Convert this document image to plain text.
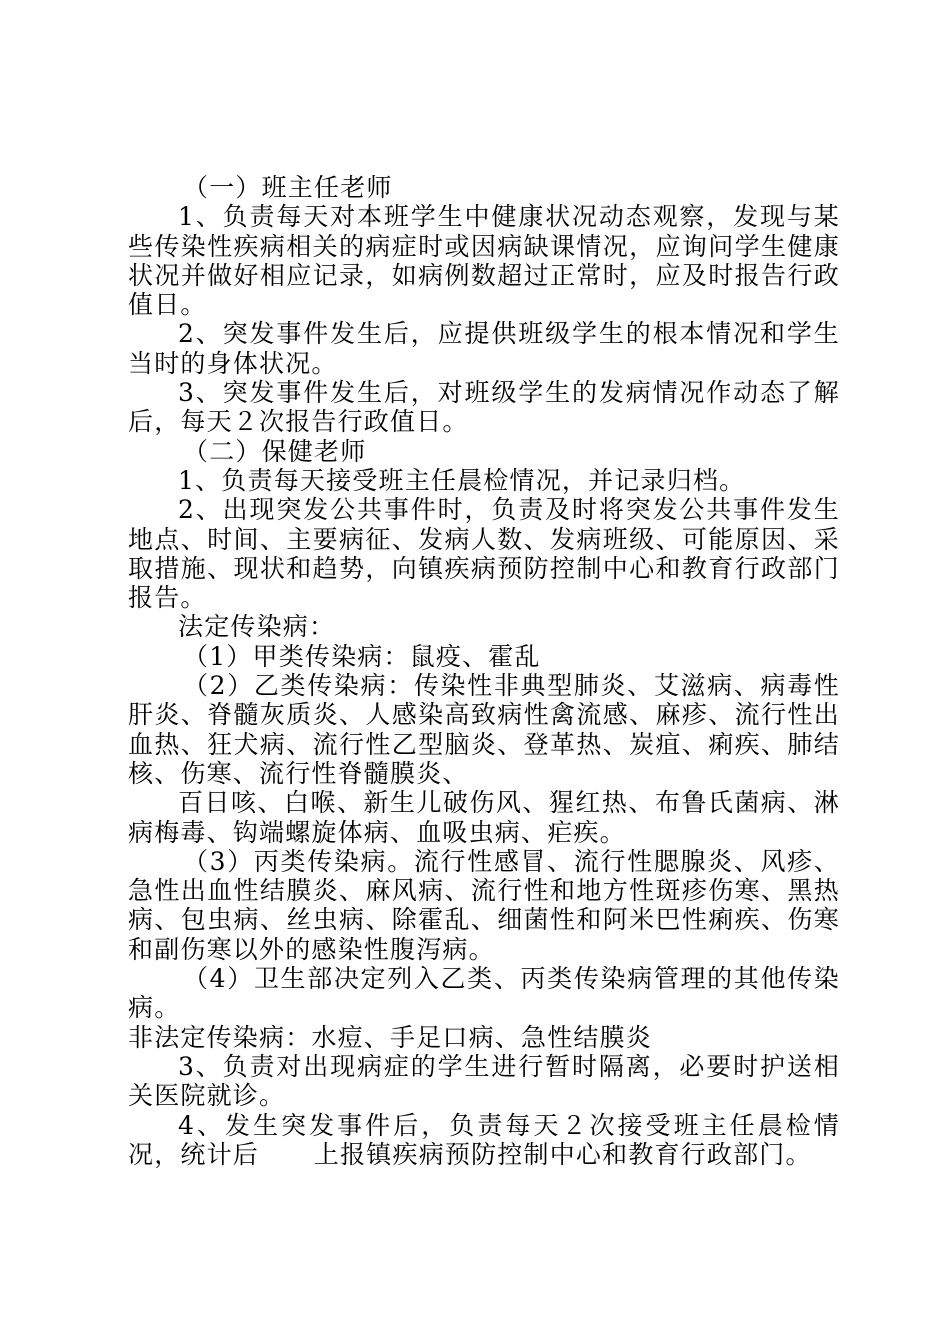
（一）班主任老师

1、负责每天对本班学生中健康状况动态观察，发现与某些传染性疾病相关的病症时或因病缺课情况，应询问学生健康状况并做好相应记录，如病例数超过正常时，应及时报告行政值日。

2、突发事件发生后，应提供班级学生的根本情况和学生当时的身体状况。

3、突发事件发生后，对班级学生的发病情况作动态了解后，每天２次报告行政值日。

（二）保健老师

1、负责每天接受班主任晨检情况，并记录归档。

2、出现突发公共事件时，负责及时将突发公共事件发生地点、时间、主要病征、发病人数、发病班级、可能原因、采取措施、现状和趋势，向镇疾病预防控制中心和教育行政部门报告。

法定传染病：

（1）甲类传染病：鼠疫、霍乱

（2）乙类传染病：传染性非典型肺炎、艾滋病、病毒性肝炎、脊髓灰质炎、人感染高致病性禽流感、麻疹、流行性出血热、狂犬病、流行性乙型脑炎、登革热、炭疽、痢疾、肺结核、伤寒、流行性脊髓膜炎、

百日咳、白喉、新生儿破伤风、猩红热、布鲁氏菌病、淋病梅毒、钩端螺旋体病、血吸虫病、疟疾。

（3）丙类传染病。流行性感冒、流行性腮腺炎、风疹、急性出血性结膜炎、麻风病、流行性和地方性斑疹伤寒、黑热病、包虫病、丝虫病、除霍乱、细菌性和阿米巴性痢疾、伤寒和副伤寒以外的感染性腹泻病。

（4）卫生部决定列入乙类、丙类传染病管理的其他传染病。

非法定传染病：水痘、手足口病、急性结膜炎

3、负责对出现病症的学生进行暂时隔离，必要时护送相关医院就诊。

4、发生突发事件后，负责每天２次接受班主任晨检情况，统计后 上报镇疾病预防控制中心和教育行政部门。
